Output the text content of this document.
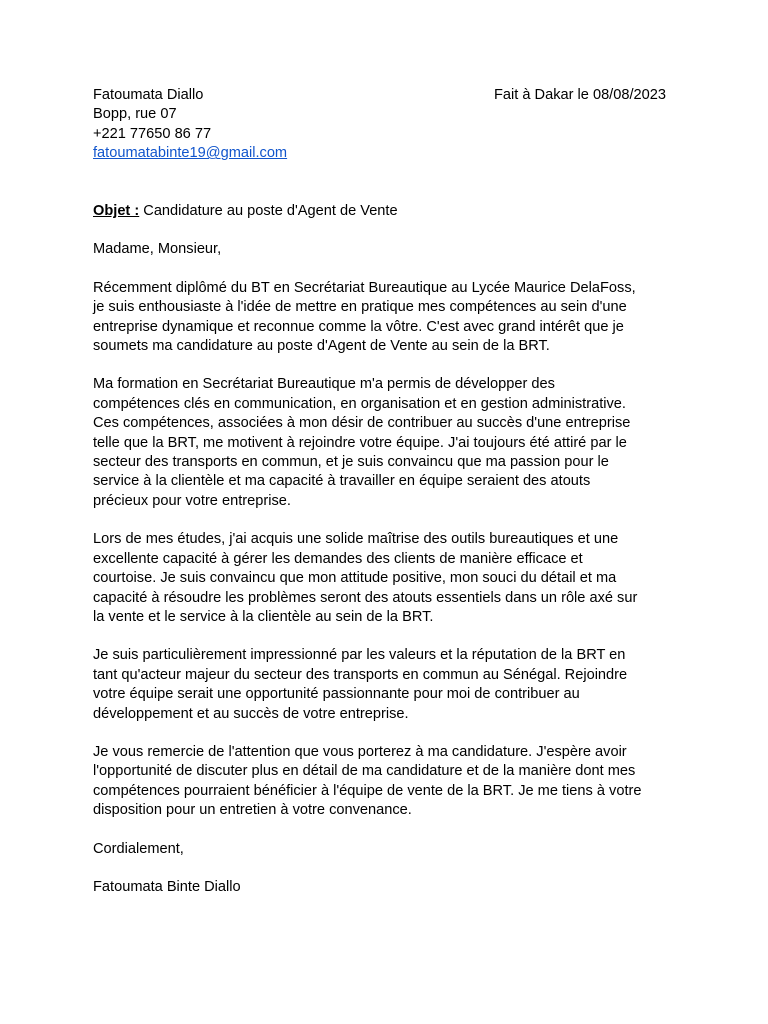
Fatoumata Diallo
Bopp, rue 07
+221 77650 86 77
fatoumatabinte19@gmail.com
Fait à Dakar le 08/08/2023
Objet : Candidature au poste d'Agent de Vente
Madame, Monsieur,
Récemment diplômé du BT en Secrétariat Bureautique au Lycée Maurice DelaFoss,
je suis enthousiaste à l'idée de mettre en pratique mes compétences au sein d'une
entreprise dynamique et reconnue comme la vôtre. C'est avec grand intérêt que je
soumets ma candidature au poste d'Agent de Vente au sein de la BRT.
Ma formation en Secrétariat Bureautique m'a permis de développer des
compétences clés en communication, en organisation et en gestion administrative.
Ces compétences, associées à mon désir de contribuer au succès d'une entreprise
telle que la BRT, me motivent à rejoindre votre équipe. J'ai toujours été attiré par le
secteur des transports en commun, et je suis convaincu que ma passion pour le
service à la clientèle et ma capacité à travailler en équipe seraient des atouts
précieux pour votre entreprise.
Lors de mes études, j'ai acquis une solide maîtrise des outils bureautiques et une
excellente capacité à gérer les demandes des clients de manière efficace et
courtoise. Je suis convaincu que mon attitude positive, mon souci du détail et ma
capacité à résoudre les problèmes seront des atouts essentiels dans un rôle axé sur
la vente et le service à la clientèle au sein de la BRT.
Je suis particulièrement impressionné par les valeurs et la réputation de la BRT en
tant qu'acteur majeur du secteur des transports en commun au Sénégal. Rejoindre
votre équipe serait une opportunité passionnante pour moi de contribuer au
développement et au succès de votre entreprise.
Je vous remercie de l'attention que vous porterez à ma candidature. J'espère avoir
l'opportunité de discuter plus en détail de ma candidature et de la manière dont mes
compétences pourraient bénéficier à l'équipe de vente de la BRT. Je me tiens à votre
disposition pour un entretien à votre convenance.
Cordialement,
Fatoumata Binte Diallo
